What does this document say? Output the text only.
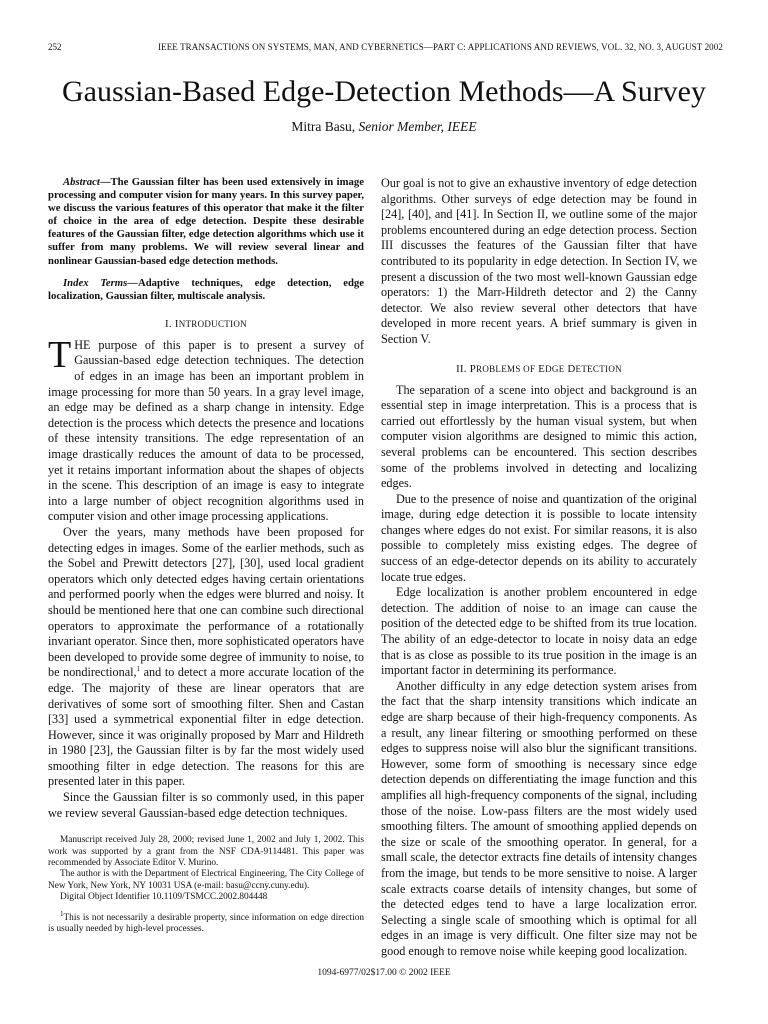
252	IEEE TRANSACTIONS ON SYSTEMS, MAN, AND CYBERNETICS—PART C: APPLICATIONS AND REVIEWS, VOL. 32, NO. 3, AUGUST 2002
Gaussian-Based Edge-Detection Methods—A Survey
Mitra Basu, Senior Member, IEEE

Abstract—The Gaussian filter has been used extensively in image processing and computer vision for many years. In this survey paper, we discuss the various features of this operator that make it the filter of choice in the area of edge detection. Despite these desirable features of the Gaussian filter, edge detection algorithms which use it suffer from many problems. We will review several linear and nonlinear Gaussian-based edge detection methods.

Index Terms—Adaptive techniques, edge detection, edge localization, Gaussian filter, multiscale analysis.

I. INTRODUCTION

THE purpose of this paper is to present a survey of Gaussian-based edge detection techniques. The detection of edges in an image has been an important problem in image processing for more than 50 years. In a gray level image, an edge may be defined as a sharp change in intensity. Edge detection is the process which detects the presence and locations of these intensity transitions. The edge representation of an image drastically reduces the amount of data to be processed, yet it retains important information about the shapes of objects in the scene. This description of an image is easy to integrate into a large number of object recognition algorithms used in computer vision and other image processing applications.

Over the years, many methods have been proposed for detecting edges in images. Some of the earlier methods, such as the Sobel and Prewitt detectors [27], [30], used local gradient operators which only detected edges having certain orientations and performed poorly when the edges were blurred and noisy. It should be mentioned here that one can combine such directional operators to approximate the performance of a rotationally invariant operator. Since then, more sophisticated operators have been developed to provide some degree of immunity to noise, to be nondirectional,$^1$ and to detect a more accurate location of the edge. The majority of these are linear operators that are derivatives of some sort of smoothing filter. Shen and Castan [33] used a symmetrical exponential filter in edge detection. However, since it was originally proposed by Marr and Hildreth in 1980 [23], the Gaussian filter is by far the most widely used smoothing filter in edge detection. The reasons for this are presented later in this paper.

Since the Gaussian filter is so commonly used, in this paper we review several Gaussian-based edge detection techniques.

Manuscript received July 28, 2000; revised June 1, 2002 and July 1, 2002. This work was supported by a grant from the NSF CDA-9114481. This paper was recommended by Associate Editor V. Murino.

The author is with the Department of Electrical Engineering, The City College of New York, New York, NY 10031 USA (e-mail: basu@ccny.cuny.edu).

Digital Object Identifier 10.1109/TSMCC.2002.804448

$^1$This is not necessarily a desirable property, since information on edge direction is usually needed by high-level processes.

Our goal is not to give an exhaustive inventory of edge detection algorithms. Other surveys of edge detection may be found in [24], [40], and [41]. In Section II, we outline some of the major problems encountered during an edge detection process. Section III discusses the features of the Gaussian filter that have contributed to its popularity in edge detection. In Section IV, we present a discussion of the two most well-known Gaussian edge operators: 1) the Marr-Hildreth detector and 2) the Canny detector. We also review several other detectors that have developed in more recent years. A brief summary is given in Section V.

II. PROBLEMS OF EDGE DETECTION

The separation of a scene into object and background is an essential step in image interpretation. This is a process that is carried out effortlessly by the human visual system, but when computer vision algorithms are designed to mimic this action, several problems can be encountered. This section describes some of the problems involved in detecting and localizing edges.

Due to the presence of noise and quantization of the original image, during edge detection it is possible to locate intensity changes where edges do not exist. For similar reasons, it is also possible to completely miss existing edges. The degree of success of an edge-detector depends on its ability to accurately locate true edges.

Edge localization is another problem encountered in edge detection. The addition of noise to an image can cause the position of the detected edge to be shifted from its true location. The ability of an edge-detector to locate in noisy data an edge that is as close as possible to its true position in the image is an important factor in determining its performance.

Another difficulty in any edge detection system arises from the fact that the sharp intensity transitions which indicate an edge are sharp because of their high-frequency components. As a result, any linear filtering or smoothing performed on these edges to suppress noise will also blur the significant transitions. However, some form of smoothing is necessary since edge detection depends on differentiating the image function and this amplifies all high-frequency components of the signal, including those of the noise. Low-pass filters are the most widely used smoothing filters. The amount of smoothing applied depends on the size or scale of the smoothing operator. In general, for a small scale, the detector extracts fine details of intensity changes from the image, but tends to be more sensitive to noise. A larger scale extracts coarse details of intensity changes, but some of the detected edges tend to have a large localization error. Selecting a single scale of smoothing which is optimal for all edges in an image is very difficult. One filter size may not be good enough to remove noise while keeping good localization.

1094-6977/02$17.00 © 2002 IEEE
